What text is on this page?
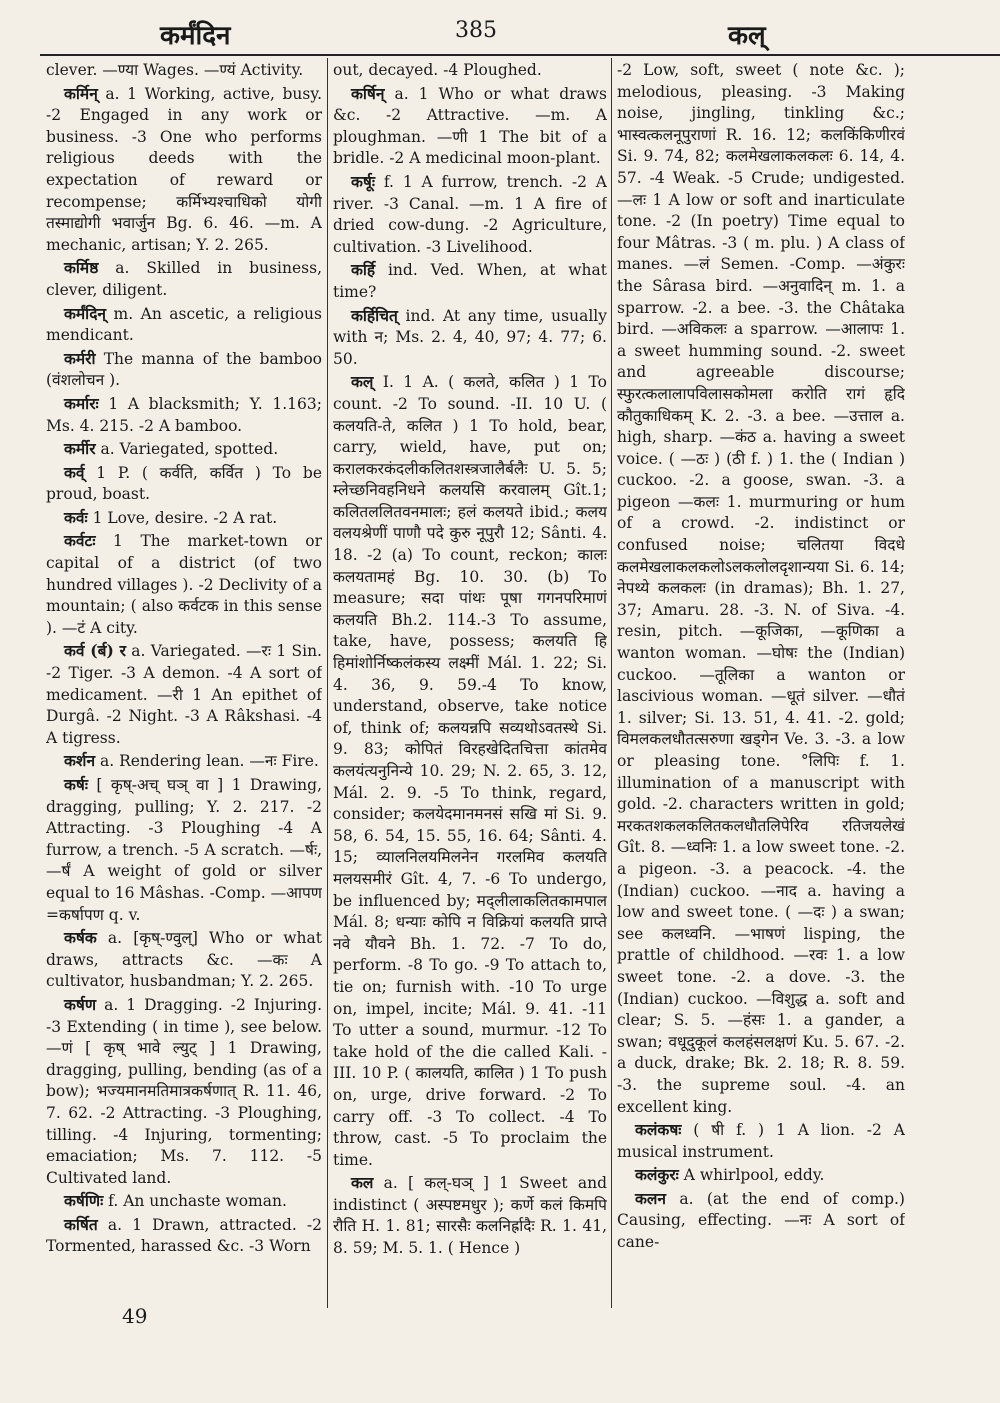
कर्मंदिन	385	कल्

clever. —ण्या Wages. —ण्यं Activity.

कर्मिन् a. 1 Working, active, busy. -2 Engaged in any work or business. -3 One who performs religious deeds with the expectation of reward or recompense; कर्मिभ्यश्चाधिको योगी तस्माद्योगी भवार्जुन Bg. 6. 46. —m. A mechanic, artisan; Y. 2. 265.

कर्मिष्ठ a. Skilled in business, clever, diligent.

कर्मंदिन् m. An ascetic, a religious mendicant.

कर्मरी The manna of the bamboo (वंशलोचन ).

कर्मारः 1 A blacksmith; Y. 1.163; Ms. 4. 215. -2 A bamboo.

कर्मीर a. Variegated, spotted.

कर्व् 1 P. ( कर्वति, कर्वित ) To be proud, boast.

कर्वः 1 Love, desire. -2 A rat.

कर्वटः 1 The market-town or capital of a district (of two hundred villages ). -2 Declivity of a mountain; ( also कर्वटक in this sense ). —टं A city.

कर्व (र्ब) र a. Variegated. —रः 1 Sin. -2 Tiger. -3 A demon. -4 A sort of medicament. —री 1 An epithet of Durgâ. -2 Night. -3 A Râkshasi. -4 A tigress.

कर्शन a. Rendering lean. —नः Fire.

कर्षः [ कृष्-अच् घञ् वा ] 1 Drawing, dragging, pulling; Y. 2. 217. -2 Attracting. -3 Ploughing -4 A furrow, a trench. -5 A scratch. —र्षः, —र्षं A weight of gold or silver equal to 16 Mâshas. -Comp. —आपण =कर्षापण q. v.

कर्षक a. [कृष्-ण्वुल्] Who or what draws, attracts &c. —कः A cultivator, husbandman; Y. 2. 265.

कर्षण a. 1 Dragging. -2 Injuring. -3 Extending ( in time ), see below. —णं [ कृष् भावे ल्युट् ] 1 Drawing, dragging, pulling, bending (as of a bow); भज्यमानमतिमात्रकर्षणात् R. 11. 46, 7. 62. -2 Attracting. -3 Ploughing, tilling. -4 Injuring, tormenting; emaciation; Ms. 7. 112. -5 Cultivated land.

कर्षणिः f. An unchaste woman.

कर्षित a. 1 Drawn, attracted. -2 Tormented, harassed &c. -3 Worn

out, decayed. -4 Ploughed.

कर्षिन् a. 1 Who or what draws &c. -2 Attractive. —m. A ploughman. —णी 1 The bit of a bridle. -2 A medicinal moon-plant.

कर्षूः f. 1 A furrow, trench. -2 A river. -3 Canal. —m. 1 A fire of dried cow-dung. -2 Agriculture, cultivation. -3 Livelihood.

कर्हि ind. Ved. When, at what time?

कर्हिचित् ind. At any time, usually with न; Ms. 2. 4, 40, 97; 4. 77; 6. 50.

कल् I. 1 A. ( कलते, कलित ) 1 To count. -2 To sound. -II. 10 U. ( कलयति-ते, कलित ) 1 To hold, bear, carry, wield, have, put on; करालकरकंदलीकलितशस्त्रजालैर्बलैः U. 5. 5; म्लेच्छनिवहनिधने कलयसि करवालम् Gît.1; कलितललितवनमालः; हलं कलयते ibid.; कलय वलयश्रेणीं पाणौ पदे कुरु नूपुरौ 12; Sânti. 4. 18. -2 (a) To count, reckon; कालः कलयतामहं Bg. 10. 30. (b) To measure; सदा पांथः पूषा गगनपरिमाणं कलयति Bh.2. 114.-3 To assume, take, have, possess; कलयति हि हिमांशोर्निष्कलंकस्य लक्ष्मीं Mál. 1. 22; Si. 4. 36, 9. 59.-4 To know, understand, observe, take notice of, think of; कलयन्नपि सव्यथोऽवतस्थे Si. 9. 83; कोपितं विरहखेदितचित्ता कांतमेव कलयंत्यनुनिन्ये 10. 29; N. 2. 65, 3. 12, Mál. 2. 9. -5 To think, regard, consider; कलयेदमानमनसं सखि मां Si. 9. 58, 6. 54, 15. 55, 16. 64; Sânti. 4. 15; व्यालनिलयमिलनेन गरलमिव कलयति मलयसमीरं Gît. 4, 7. -6 To undergo, be influenced by; मद्लीलाकलितकामपाल Mál. 8; धन्याः कोपि न विक्रियां कलयति प्राप्ते नवे यौवने Bh. 1. 72. -7 To do, perform. -8 To go. -9 To attach to, tie on; furnish with. -10 To urge on, impel, incite; Mál. 9. 41. -11 To utter a sound, murmur. -12 To take hold of the die called Kali. -III. 10 P. ( कालयति, कालित ) 1 To push on, urge, drive forward. -2 To carry off. -3 To collect. -4 To throw, cast. -5 To proclaim the time.

कल a. [ कल्-घञ् ] 1 Sweet and indistinct ( अस्पष्टमधुर ); कर्णे कलं किमपि रौति H. 1. 81; सारसैः कलनिर्ह्रादैः R. 1. 41, 8. 59; M. 5. 1. ( Hence )

-2 Low, soft, sweet ( note &c. ); melodious, pleasing. -3 Making noise, jingling, tinkling &c.; भास्वत्कलनूपुराणां R. 16. 12; कलकिंकिणीरवं Si. 9. 74, 82; कलमेखलाकलकलः 6. 14, 4. 57. -4 Weak. -5 Crude; undigested. —लः 1 A low or soft and inarticulate tone. -2 (In poetry) Time equal to four Mâtras. -3 ( m. plu. ) A class of manes. —लं Semen. -Comp. —अंकुरः the Sârasa bird. —अनुवादिन् m. 1. a sparrow. -2. a bee. -3. the Châtaka bird. —अविकलः a sparrow. —आलापः 1. a sweet humming sound. -2. sweet and agreeable discourse; स्फुरत्कलालापविलासकोमला करोति रागं हृदि कौतुकाधिकम् K. 2. -3. a bee. —उत्ताल a. high, sharp. —कंठ a. having a sweet voice. ( —ठः ) (ठी f. ) 1. the ( Indian ) cuckoo. -2. a goose, swan. -3. a pigeon —कलः 1. murmuring or hum of a crowd. -2. indistinct or confused noise; चलितया विदधे कलमेखलाकलकलोऽलकलोलदृशान्यया Si. 6. 14; नेपथ्ये कलकलः (in dramas); Bh. 1. 27, 37; Amaru. 28. -3. N. of Siva. -4. resin, pitch. —कूजिका, —कूणिका a wanton woman. —घोषः the (Indian) cuckoo. —तूलिका a wanton or lascivious woman. —धूतं silver. —धौतं 1. silver; Si. 13. 51, 4. 41. -2. gold; विमलकलधौतत्सरुणा खड्गेन Ve. 3. -3. a low or pleasing tone. °लिपिः f. 1. illumination of a manuscript with gold. -2. characters written in gold; मरकतशकलकलितकलधौतलिपेरिव रतिजयलेखं Gît. 8. —ध्वनिः 1. a low sweet tone. -2. a pigeon. -3. a peacock. -4. the (Indian) cuckoo. —नाद a. having a low and sweet tone. ( —दः ) a swan; see कलध्वनि. —भाषणं lisping, the prattle of childhood. —रवः 1. a low sweet tone. -2. a dove. -3. the (Indian) cuckoo. —विशुद्ध a. soft and clear; S. 5. —हंसः 1. a gander, a swan; वधूदुकूलं कलहंसलक्षणं Ku. 5. 67. -2. a duck, drake; Bk. 2. 18; R. 8. 59. -3. the supreme soul. -4. an excellent king.

कलंकषः ( षी f. ) 1 A lion. -2 A musical instrument.

कलंकुरः A whirlpool, eddy.

कलन a. (at the end of comp.) Causing, effecting. —नः A sort of cane-

49
